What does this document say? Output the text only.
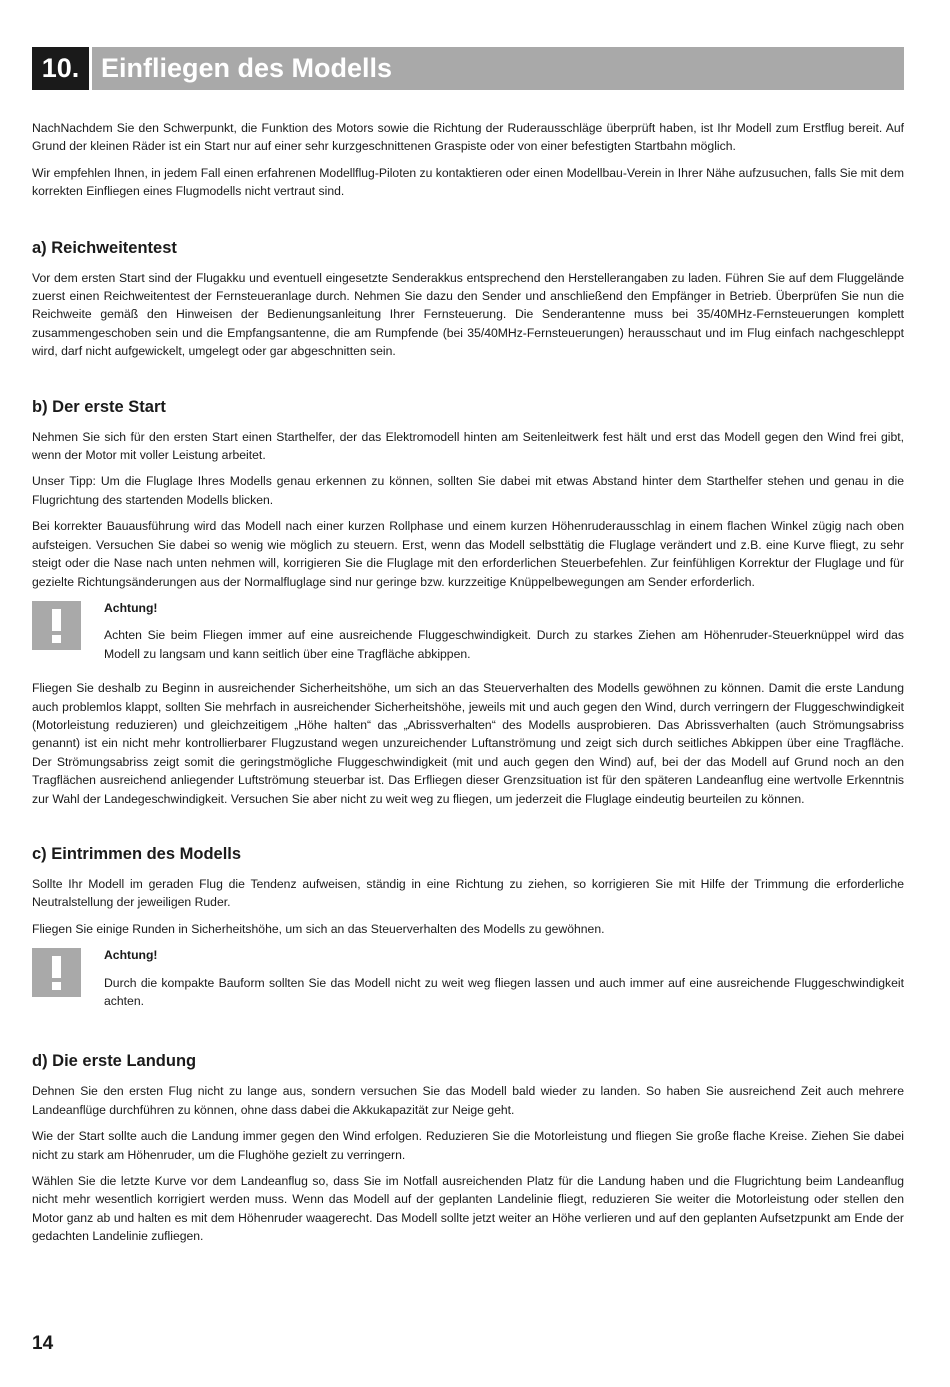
10. Einfliegen des Modells

NachNachdem Sie den Schwerpunkt, die Funktion des Motors sowie die Richtung der Ruderausschläge überprüft haben, ist Ihr Modell zum Erstflug bereit. Auf Grund der kleinen Räder ist ein Start nur auf einer sehr kurzgeschnittenen Graspiste oder von einer befestigten Startbahn möglich.

Wir empfehlen Ihnen, in jedem Fall einen erfahrenen Modellflug-Piloten zu kontaktieren oder einen Modellbau-Verein in Ihrer Nähe aufzusuchen, falls Sie mit dem korrekten Einfliegen eines Flugmodells nicht vertraut sind.

a) Reichweitentest

Vor dem ersten Start sind der Flugakku und eventuell eingesetzte Senderakkus entsprechend den Herstellerangaben zu laden. Führen Sie auf dem Fluggelände zuerst einen Reichweitentest der Fernsteueranlage durch. Nehmen Sie dazu den Sender und anschließend den Empfänger in Betrieb. Überprüfen Sie nun die Reichweite gemäß den Hinweisen der Bedienungsanleitung Ihrer Fernsteuerung. Die Senderantenne muss bei 35/40MHz-Fernsteuerungen komplett zusammengeschoben sein und die Empfangsantenne, die am Rumpfende (bei 35/40MHz-Fernsteuerungen) herausschaut und im Flug einfach nachgeschleppt wird, darf nicht aufgewickelt, umgelegt oder gar abgeschnitten sein.

b) Der erste Start

Nehmen Sie sich für den ersten Start einen Starthelfer, der das Elektromodell hinten am Seitenleitwerk fest hält und erst das Modell gegen den Wind frei gibt, wenn der Motor mit voller Leistung arbeitet.

Unser Tipp: Um die Fluglage Ihres Modells genau erkennen zu können, sollten Sie dabei mit etwas Abstand hinter dem Starthelfer stehen und genau in die Flugrichtung des startenden Modells blicken.

Bei korrekter Bauausführung wird das Modell nach einer kurzen Rollphase und einem kurzen Höhenruderausschlag in einem flachen Winkel zügig nach oben aufsteigen. Versuchen Sie dabei so wenig wie möglich zu steuern. Erst, wenn das Modell selbsttätig die Fluglage verändert und z.B. eine Kurve fliegt, zu sehr steigt oder die Nase nach unten nehmen will, korrigieren Sie die Fluglage mit den erforderlichen Steuerbefehlen. Zur feinfühligen Korrektur der Fluglage und für gezielte Richtungsänderungen aus der Normalfluglage sind nur geringe bzw. kurzzeitige Knüppelbewegungen am Sender erforderlich.

Achtung!

Achten Sie beim Fliegen immer auf eine ausreichende Fluggeschwindigkeit. Durch zu starkes Ziehen am Höhenruder-Steuerknüppel wird das Modell zu langsam und kann seitlich über eine Tragfläche abkippen.

Fliegen Sie deshalb zu Beginn in ausreichender Sicherheitshöhe, um sich an das Steuerverhalten des Modells gewöhnen zu können. Damit die erste Landung auch problemlos klappt, sollten Sie mehrfach in ausreichender Sicherheitshöhe, jeweils mit und auch gegen den Wind, durch verringern der Fluggeschwindigkeit (Motorleistung reduzieren) und gleichzeitigem „Höhe halten“ das „Abrissverhalten“ des Modells ausprobieren. Das Abrissverhalten (auch Strömungsabriss genannt) ist ein nicht mehr kontrollierbarer Flugzustand wegen unzureichender Luftanströmung und zeigt sich durch seitliches Abkippen über eine Tragfläche. Der Strömungsabriss zeigt somit die geringstmögliche Fluggeschwindigkeit (mit und auch gegen den Wind) auf, bei der das Modell auf Grund noch an den Tragflächen ausreichend anliegender Luftströmung steuerbar ist. Das Erfliegen dieser Grenzsituation ist für den späteren Landeanflug eine wertvolle Erkenntnis zur Wahl der Landegeschwindigkeit. Versuchen Sie aber nicht zu weit weg zu fliegen, um jederzeit die Fluglage eindeutig beurteilen zu können.

c) Eintrimmen des Modells

Sollte Ihr Modell im geraden Flug die Tendenz aufweisen, ständig in eine Richtung zu ziehen, so korrigieren Sie mit Hilfe der Trimmung die erforderliche Neutralstellung der jeweiligen Ruder.

Fliegen Sie einige Runden in Sicherheitshöhe, um sich an das Steuerverhalten des Modells zu gewöhnen.

Achtung!

Durch die kompakte Bauform sollten Sie das Modell nicht zu weit weg fliegen lassen und auch immer auf eine ausreichende Fluggeschwindigkeit achten.

d) Die erste Landung

Dehnen Sie den ersten Flug nicht zu lange aus, sondern versuchen Sie das Modell bald wieder zu landen. So haben Sie ausreichend Zeit auch mehrere Landeanflüge durchführen zu können, ohne dass dabei die Akkukapazität zur Neige geht.

Wie der Start sollte auch die Landung immer gegen den Wind erfolgen. Reduzieren Sie die Motorleistung und fliegen Sie große flache Kreise. Ziehen Sie dabei nicht zu stark am Höhenruder, um die Flughöhe gezielt zu verringern.

Wählen Sie die letzte Kurve vor dem Landeanflug so, dass Sie im Notfall ausreichenden Platz für die Landung haben und die Flugrichtung beim Landeanflug nicht mehr wesentlich korrigiert werden muss. Wenn das Modell auf der geplanten Landelinie fliegt, reduzieren Sie weiter die Motorleistung oder stellen den Motor ganz ab und halten es mit dem Höhenruder waagerecht. Das Modell sollte jetzt weiter an Höhe verlieren und auf den geplanten Aufsetzpunkt am Ende der gedachten Landelinie zufliegen.

14
